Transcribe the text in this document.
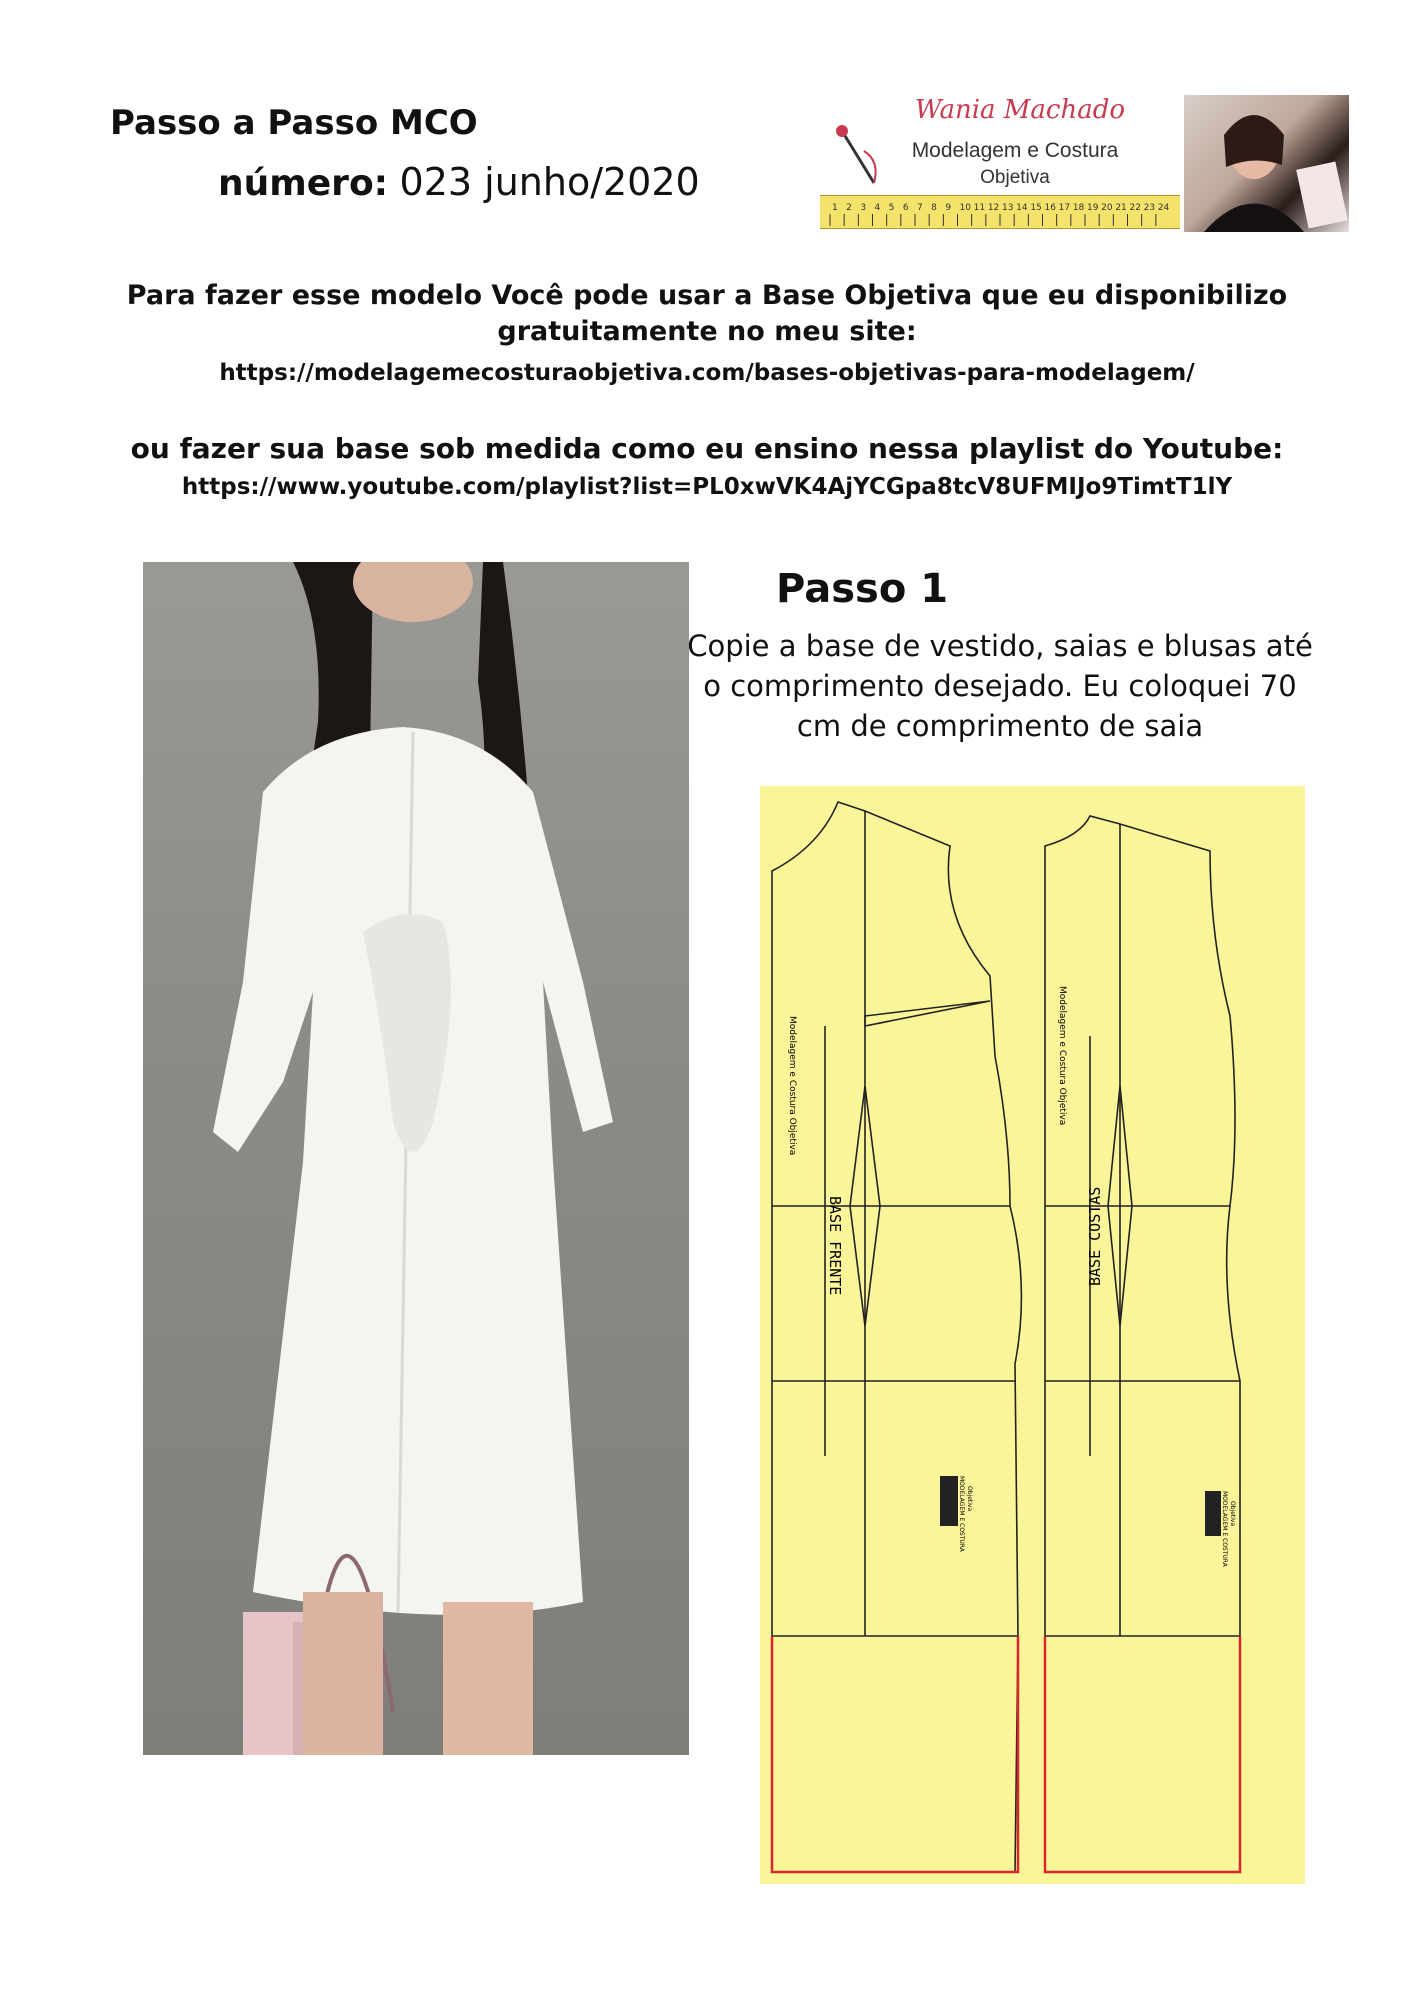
Passo a Passo MCO
número: 023 junho/2020
Wania Machado
Modelagem e Costura
Objetiva
1 2 3 4 5 6 7 8 9 10 11 12 13 14 15 16 17 18 19 20 21 22 23 24
Para fazer esse modelo Você pode usar a Base Objetiva que eu disponibilizo
gratuitamente no meu site:
https://modelagemecosturaobjetiva.com/bases-objetivas-para-modelagem/
ou fazer sua base sob medida como eu ensino nessa playlist do Youtube:
https://www.youtube.com/playlist?list=PL0xwVK4AjYCGpa8tcV8UFMIJo9TimtT1lY
Passo 1
Copie a base de vestido, saias e blusas até o comprimento desejado. Eu coloquei 70 cm de comprimento de saia
Modelagem e Costura Objetiva	Modelagem e Costura Objetiva
BASE FRENTE	BASE COSTAS
MODELAGEM E COSTURA Objetiva	MODELAGEM E COSTURA Objetiva
